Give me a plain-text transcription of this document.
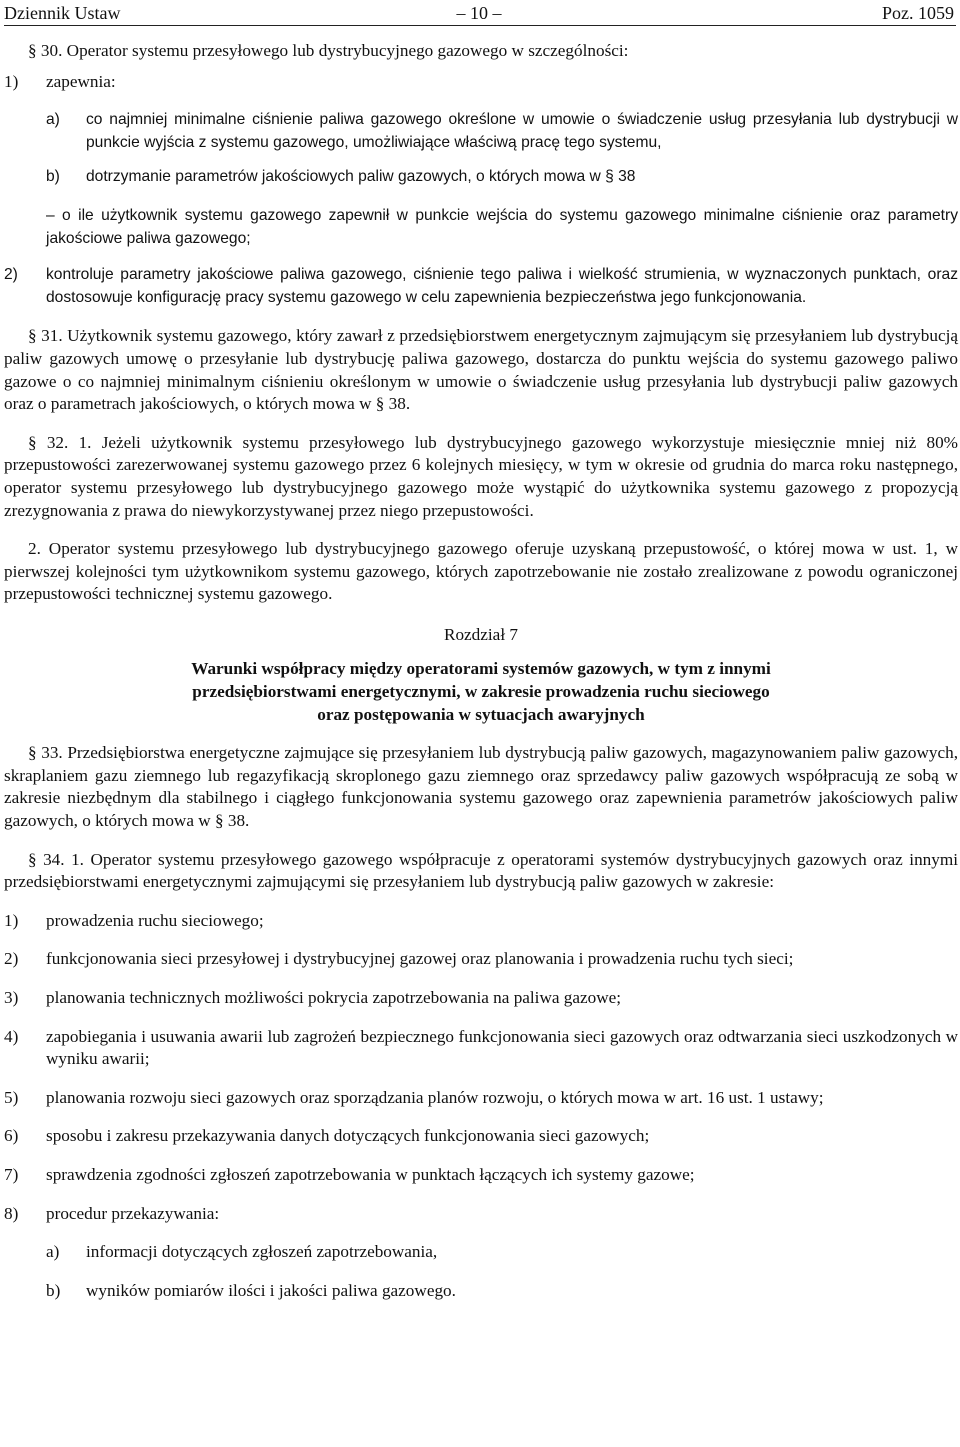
Dziennik Ustaw	– 10 –	Poz. 1059

§ 30. Operator systemu przesyłowego lub dystrybucyjnego gazowego w szczególności:

1) zapewnia:
a) co najmniej minimalne ciśnienie paliwa gazowego określone w umowie o świadczenie usług przesyłania lub dystrybucji w punkcie wyjścia z systemu gazowego, umożliwiające właściwą pracę tego systemu,
b) dotrzymanie parametrów jakościowych paliw gazowych, o których mowa w § 38

– o ile użytkownik systemu gazowego zapewnił w punkcie wejścia do systemu gazowego minimalne ciśnienie oraz parametry jakościowe paliwa gazowego;

2) kontroluje parametry jakościowe paliwa gazowego, ciśnienie tego paliwa i wielkość strumienia, w wyznaczonych punktach, oraz dostosowuje konfigurację pracy systemu gazowego w celu zapewnienia bezpieczeństwa jego funkcjonowania.

§ 31. Użytkownik systemu gazowego, który zawarł z przedsiębiorstwem energetycznym zajmującym się przesyłaniem lub dystrybucją paliw gazowych umowę o przesyłanie lub dystrybucję paliwa gazowego, dostarcza do punktu wejścia do systemu gazowego paliwo gazowe o co najmniej minimalnym ciśnieniu określonym w umowie o świadczenie usług przesyłania lub dystrybucji paliw gazowych oraz o parametrach jakościowych, o których mowa w § 38.

§ 32. 1. Jeżeli użytkownik systemu przesyłowego lub dystrybucyjnego gazowego wykorzystuje miesięcznie mniej niż 80% przepustowości zarezerwowanej systemu gazowego przez 6 kolejnych miesięcy, w tym w okresie od grudnia do marca roku następnego, operator systemu przesyłowego lub dystrybucyjnego gazowego może wystąpić do użytkownika systemu gazowego z propozycją zrezygnowania z prawa do niewykorzystywanej przez niego przepustowości.

2. Operator systemu przesyłowego lub dystrybucyjnego gazowego oferuje uzyskaną przepustowość, o której mowa w ust. 1, w pierwszej kolejności tym użytkownikom systemu gazowego, których zapotrzebowanie nie zostało zrealizowane z powodu ograniczonej przepustowości technicznej systemu gazowego.

Rozdział 7

Warunki współpracy między operatorami systemów gazowych, w tym z innymi
przedsiębiorstwami energetycznymi, w zakresie prowadzenia ruchu sieciowego
oraz postępowania w sytuacjach awaryjnych

§ 33. Przedsiębiorstwa energetyczne zajmujące się przesyłaniem lub dystrybucją paliw gazowych, magazynowaniem paliw gazowych, skraplaniem gazu ziemnego lub regazyfikacją skroplonego gazu ziemnego oraz sprzedawcy paliw gazowych współpracują ze sobą w zakresie niezbędnym dla stabilnego i ciągłego funkcjonowania systemu gazowego oraz zapewnienia parametrów jakościowych paliw gazowych, o których mowa w § 38.

§ 34. 1. Operator systemu przesyłowego gazowego współpracuje z operatorami systemów dystrybucyjnych gazowych oraz innymi przedsiębiorstwami energetycznymi zajmującymi się przesyłaniem lub dystrybucją paliw gazowych w zakresie:

1) prowadzenia ruchu sieciowego;
2) funkcjonowania sieci przesyłowej i dystrybucyjnej gazowej oraz planowania i prowadzenia ruchu tych sieci;
3) planowania technicznych możliwości pokrycia zapotrzebowania na paliwa gazowe;
4) zapobiegania i usuwania awarii lub zagrożeń bezpiecznego funkcjonowania sieci gazowych oraz odtwarzania sieci uszkodzonych w wyniku awarii;
5) planowania rozwoju sieci gazowych oraz sporządzania planów rozwoju, o których mowa w art. 16 ust. 1 ustawy;
6) sposobu i zakresu przekazywania danych dotyczących funkcjonowania sieci gazowych;
7) sprawdzenia zgodności zgłoszeń zapotrzebowania w punktach łączących ich systemy gazowe;
8) procedur przekazywania:
a) informacji dotyczących zgłoszeń zapotrzebowania,
b) wyników pomiarów ilości i jakości paliwa gazowego.
